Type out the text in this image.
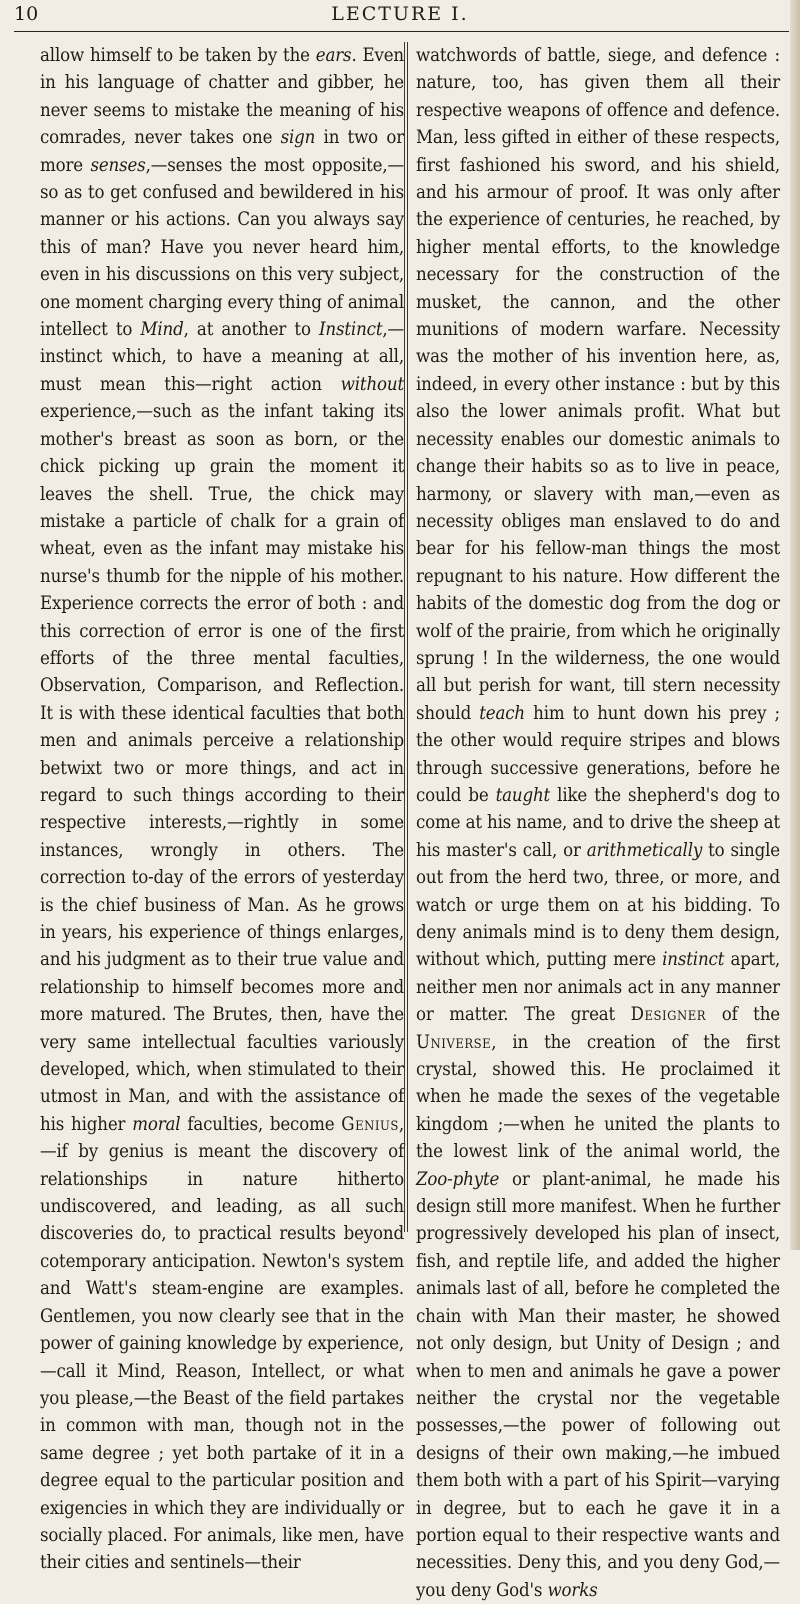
10	LECTURE I.

allow himself to be taken by the ears. Even in his language of chatter and gibber, he never seems to mistake the meaning of his comrades, never takes one sign in two or more senses,—senses the most opposite,—so as to get confused and bewildered in his manner or his actions. Can you always say this of man? Have you never heard him, even in his discussions on this very subject, one moment charging every thing of animal intellect to Mind, at another to Instinct,—instinct which, to have a meaning at all, must mean this—right action without experience,—such as the infant taking its mother's breast as soon as born, or the chick picking up grain the moment it leaves the shell. True, the chick may mistake a particle of chalk for a grain of wheat, even as the infant may mistake his nurse's thumb for the nipple of his mother. Experience corrects the error of both : and this correction of error is one of the first efforts of the three mental faculties, Observation, Comparison, and Reflection. It is with these identical faculties that both men and animals perceive a relationship betwixt two or more things, and act in regard to such things according to their respective interests,—rightly in some instances, wrongly in others. The correction to-day of the errors of yesterday is the chief business of Man. As he grows in years, his experience of things enlarges, and his judgment as to their true value and relationship to himself becomes more and more matured. The Brutes, then, have the very same intellectual faculties variously developed, which, when stimulated to their utmost in Man, and with the assistance of his higher moral faculties, become Genius,—if by genius is meant the discovery of relationships in nature hitherto undiscovered, and leading, as all such discoveries do, to practical results beyond cotemporary anticipation. Newton's system and Watt's steam-engine are examples. Gentlemen, you now clearly see that in the power of gaining knowledge by experience,—call it Mind, Reason, Intellect, or what you please,—the Beast of the field partakes in common with man, though not in the same degree ; yet both partake of it in a degree equal to the particular position and exigencies in which they are individually or socially placed. For animals, like men, have their cities and sentinels—their

watchwords of battle, siege, and defence : nature, too, has given them all their respective weapons of offence and defence. Man, less gifted in either of these respects, first fashioned his sword, and his shield, and his armour of proof. It was only after the experience of centuries, he reached, by higher mental efforts, to the knowledge necessary for the construction of the musket, the cannon, and the other munitions of modern warfare. Necessity was the mother of his invention here, as, indeed, in every other instance : but by this also the lower animals profit. What but necessity enables our domestic animals to change their habits so as to live in peace, harmony, or slavery with man,—even as necessity obliges man enslaved to do and bear for his fellow-man things the most repugnant to his nature. How different the habits of the domestic dog from the dog or wolf of the prairie, from which he originally sprung ! In the wilderness, the one would all but perish for want, till stern necessity should teach him to hunt down his prey ; the other would require stripes and blows through successive generations, before he could be taught like the shepherd's dog to come at his name, and to drive the sheep at his master's call, or arithmetically to single out from the herd two, three, or more, and watch or urge them on at his bidding. To deny animals mind is to deny them design, without which, putting mere instinct apart, neither men nor animals act in any manner or matter. The great Designer of the Universe, in the creation of the first crystal, showed this. He proclaimed it when he made the sexes of the vegetable kingdom ;—when he united the plants to the lowest link of the animal world, the Zoo-phyte or plant-animal, he made his design still more manifest. When he further progressively developed his plan of insect, fish, and reptile life, and added the higher animals last of all, before he completed the chain with Man their master, he showed not only design, but Unity of Design ; and when to men and animals he gave a power neither the crystal nor the vegetable possesses,—the power of following out designs of their own making,—he imbued them both with a part of his Spirit—varying in degree, but to each he gave it in a portion equal to their respective wants and necessities. Deny this, and you deny God,—you deny God's works
